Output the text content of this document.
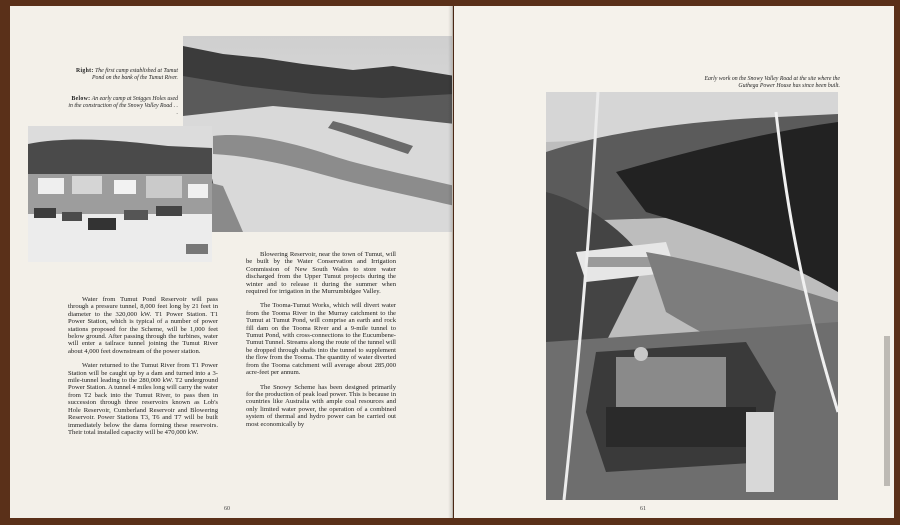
Right: The first camp established at Tumut Pond on the bank of the Tumut River.
Below: An early camp at Snigges Holes used in the construction of the Snowy Valley Road . . .

Water from Tumut Pond Reservoir will pass through a pressure tunnel, 8,000 feet long by 21 feet in diameter to the 320,000 kW. T1 Power Station. T1 Power Station, which is typical of a number of power stations proposed for the Scheme, will be 1,000 feet below ground. After passing through the turbines, water will enter a tailrace tunnel joining the Tumut River about 4,000 feet downstream of the power station.

Water returned to the Tumut River from T1 Power Station will be caught up by a dam and turned into a 3-mile-tunnel leading to the 280,000 kW. T2 underground Power Station. A tunnel 4 miles long will carry the water from T2 back into the Tumut River, to pass then in succession through three reservoirs known as Lob's Hole Reservoir, Cumberland Reservoir and Blowering Reservoir. Power Stations T3, T6 and T7 will be built immediately below the dams forming these reservoirs. Their total installed capacity will be 470,000 kW.

Blowering Reservoir, near the town of Tumut, will be built by the Water Conservation and Irrigation Commission of New South Wales to store water discharged from the Upper Tumut projects during the winter and to release it during the summer when required for irrigation in the Murrumbidgee Valley.

The Tooma-Tumut Works, which will divert water from the Tooma River in the Murray catchment to the Tumut at Tumut Pond, will comprise an earth and rock fill dam on the Tooma River and a 9-mile tunnel to Tumut Pond, with cross-connections to the Eucumbene-Tumut Tunnel. Streams along the route of the tunnel will be dropped through shafts into the tunnel to supplement the flow from the Tooma. The quantity of water diverted from the Tooma catchment will average about 285,000 acre-feet per annum.

The Snowy Scheme has been designed primarily for the production of peak load power. This is because in countries like Australia with ample coal resources and only limited water power, the operation of a combined system of thermal and hydro power can be carried out most economically by

60
Early work on the Snowy Valley Road at the site where the Guthega Power House has since been built.
61
